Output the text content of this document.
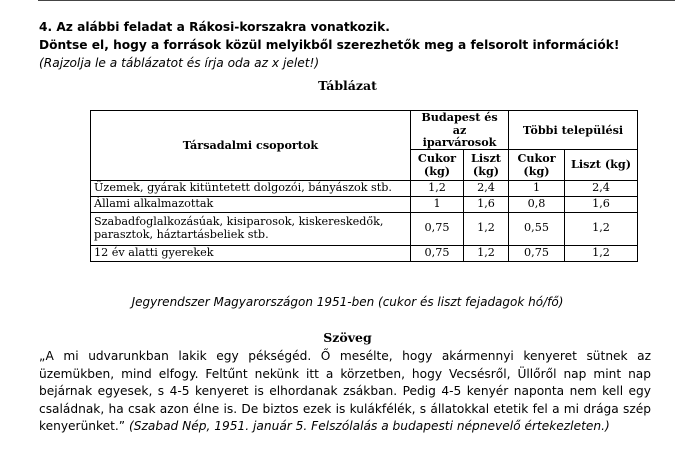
4. Az alábbi feladat a Rákosi-korszakra vonatkozik.
Döntse el, hogy a források közül melyikből szerezhetők meg a felsorolt információk!
(Rajzolja le a táblázatot és írja oda az x jelet!)
Táblázat
Társadalmi csoportok	Budapest és az iparvárosok		Többi települési	
	Cukor (kg)	Liszt (kg)	Cukor (kg)	Liszt (kg)
Üzemek, gyárak kitüntetett dolgozói, bányászok stb.	1,2	2,4	1	2,4
Állami alkalmazottak	1	1,6	0,8	1,6
Szabadfoglalkozásúak, kisiparosok, kiskereskedők, parasztok, háztartásbeliek stb.	0,75	1,2	0,55	1,2
12 év alatti gyerekek	0,75	1,2	0,75	1,2
Jegyrendszer Magyarországon 1951-ben (cukor és liszt fejadagok hó/fő)
Szöveg
„A mi udvarunkban lakik egy pékségéd. Ő mesélte, hogy akármennyi kenyeret sütnek az üzemükben, mind elfogy. Feltűnt nekünk itt a körzetben, hogy Vecsésről, Üllőről nap mint nap bejárnak egyesek, s 4-5 kenyeret is elhordanak zsákban. Pedig 4-5 kenyér naponta nem kell egy családnak, ha csak azon élne is. De biztos ezek is kulákfélék, s állatokkal etetik fel a mi drága szép kenyerünket.” (Szabad Nép, 1951. január 5. Felszólalás a budapesti népnevelő értekezleten.)
